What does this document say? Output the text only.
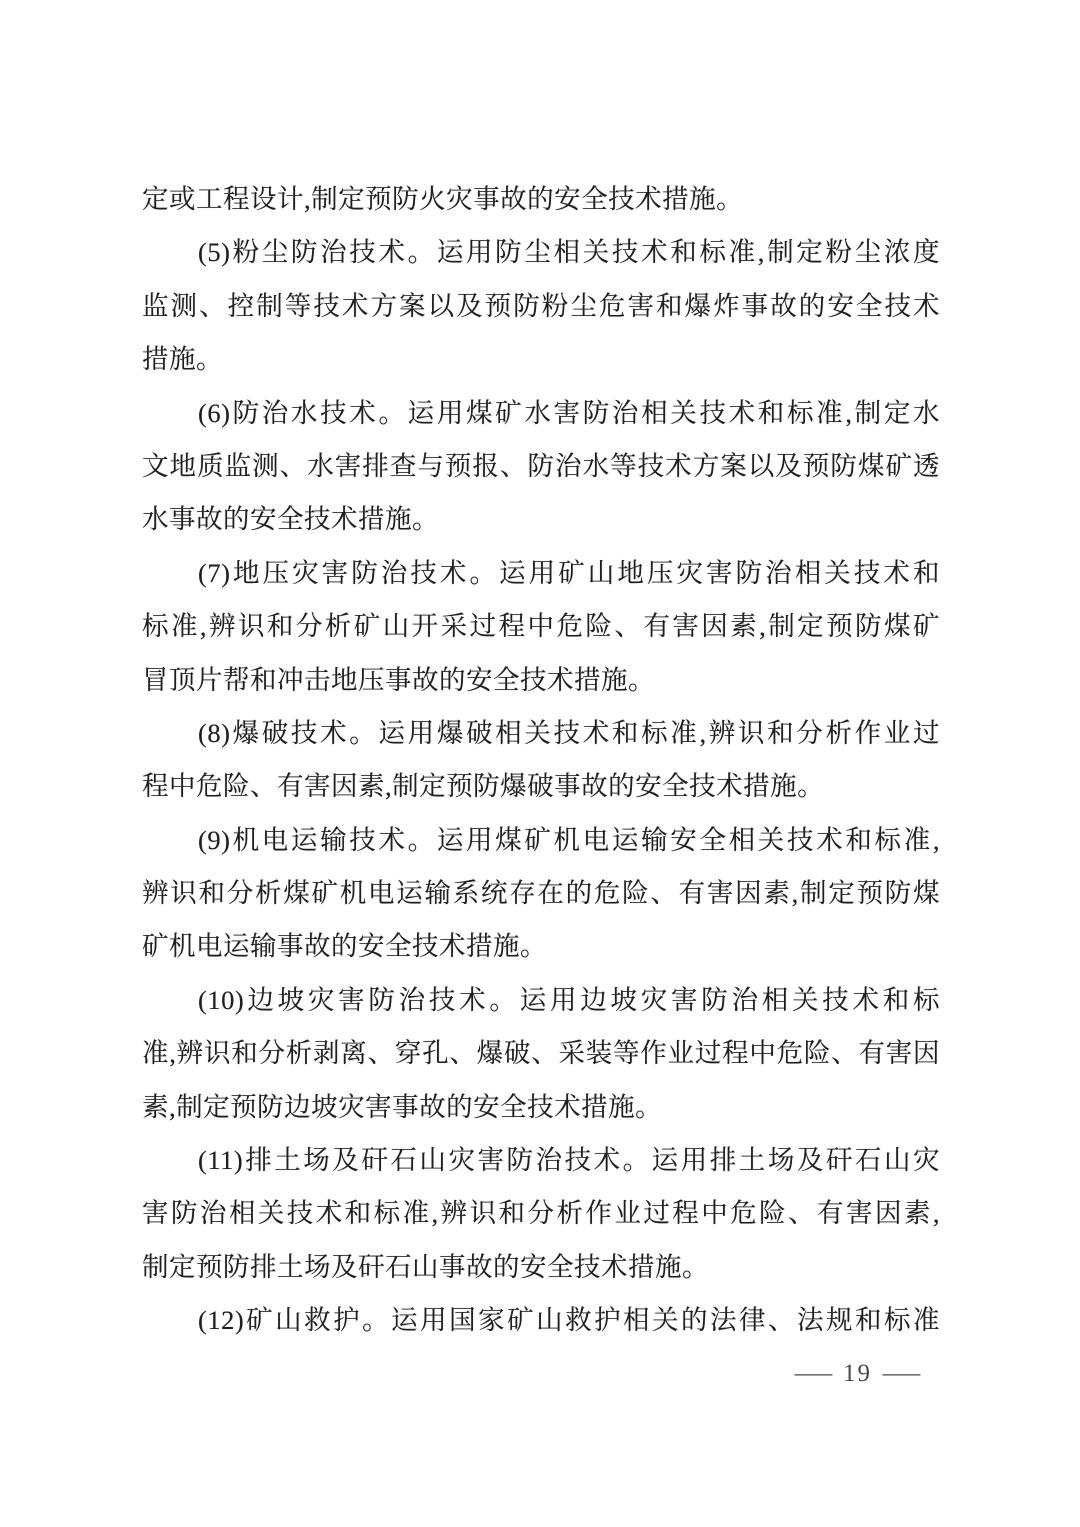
定或工程设计,制定预防火灾事故的安全技术措施。
(5)粉尘防治技术。运用防尘相关技术和标准,制定粉尘浓度
监测、控制等技术方案以及预防粉尘危害和爆炸事故的安全技术
措施。
(6)防治水技术。运用煤矿水害防治相关技术和标准,制定水
文地质监测、水害排查与预报、防治水等技术方案以及预防煤矿透
水事故的安全技术措施。
(7)地压灾害防治技术。运用矿山地压灾害防治相关技术和
标准,辨识和分析矿山开采过程中危险、有害因素,制定预防煤矿
冒顶片帮和冲击地压事故的安全技术措施。
(8)爆破技术。运用爆破相关技术和标准,辨识和分析作业过
程中危险、有害因素,制定预防爆破事故的安全技术措施。
(9)机电运输技术。运用煤矿机电运输安全相关技术和标准,
辨识和分析煤矿机电运输系统存在的危险、有害因素,制定预防煤
矿机电运输事故的安全技术措施。
(10)边坡灾害防治技术。运用边坡灾害防治相关技术和标
准,辨识和分析剥离、穿孔、爆破、采装等作业过程中危险、有害因
素,制定预防边坡灾害事故的安全技术措施。
(11)排土场及矸石山灾害防治技术。运用排土场及矸石山灾
害防治相关技术和标准,辨识和分析作业过程中危险、有害因素,
制定预防排土场及矸石山事故的安全技术措施。
(12)矿山救护。运用国家矿山救护相关的法律、法规和标准
— 19 —
